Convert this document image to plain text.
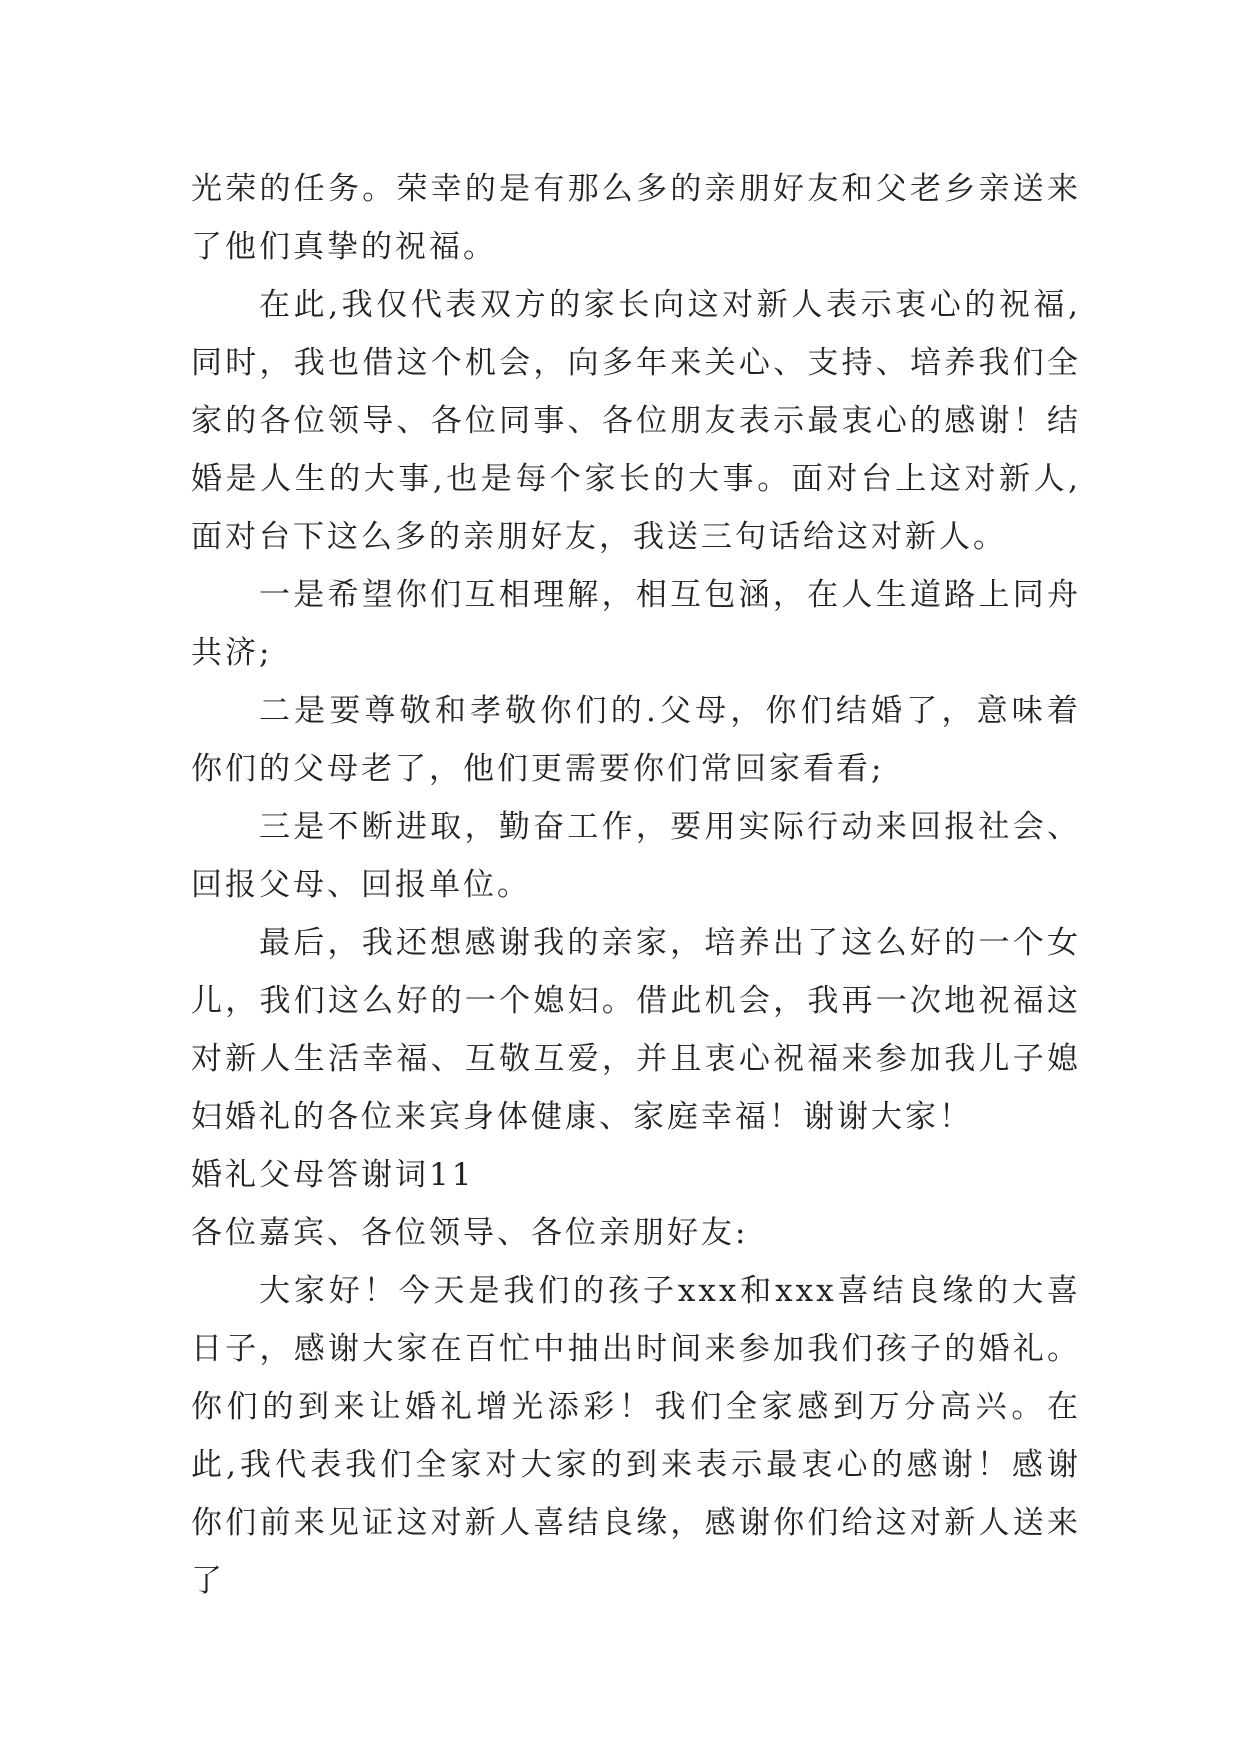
光荣的任务。荣幸的是有那么多的亲朋好友和父老乡亲送来了他们真挚的祝福。

在此,我仅代表双方的家长向这对新人表示衷心的祝福,同时，我也借这个机会，向多年来关心、支持、培养我们全家的各位领导、各位同事、各位朋友表示最衷心的感谢！结婚是人生的大事,也是每个家长的大事。面对台上这对新人,面对台下这么多的亲朋好友，我送三句话给这对新人。

一是希望你们互相理解，相互包涵，在人生道路上同舟共济;

二是要尊敬和孝敬你们的.父母，你们结婚了，意味着你们的父母老了，他们更需要你们常回家看看;

三是不断进取，勤奋工作，要用实际行动来回报社会、回报父母、回报单位。

最后，我还想感谢我的亲家，培养出了这么好的一个女儿，我们这么好的一个媳妇。借此机会，我再一次地祝福这对新人生活幸福、互敬互爱，并且衷心祝福来参加我儿子媳妇婚礼的各位来宾身体健康、家庭幸福！谢谢大家！

婚礼父母答谢词11

各位嘉宾、各位领导、各位亲朋好友:

大家好！今天是我们的孩子xxx和xxx喜结良缘的大喜日子，感谢大家在百忙中抽出时间来参加我们孩子的婚礼。你们的到来让婚礼增光添彩！我们全家感到万分高兴。在此,我代表我们全家对大家的到来表示最衷心的感谢！感谢你们前来见证这对新人喜结良缘，感谢你们给这对新人送来了
